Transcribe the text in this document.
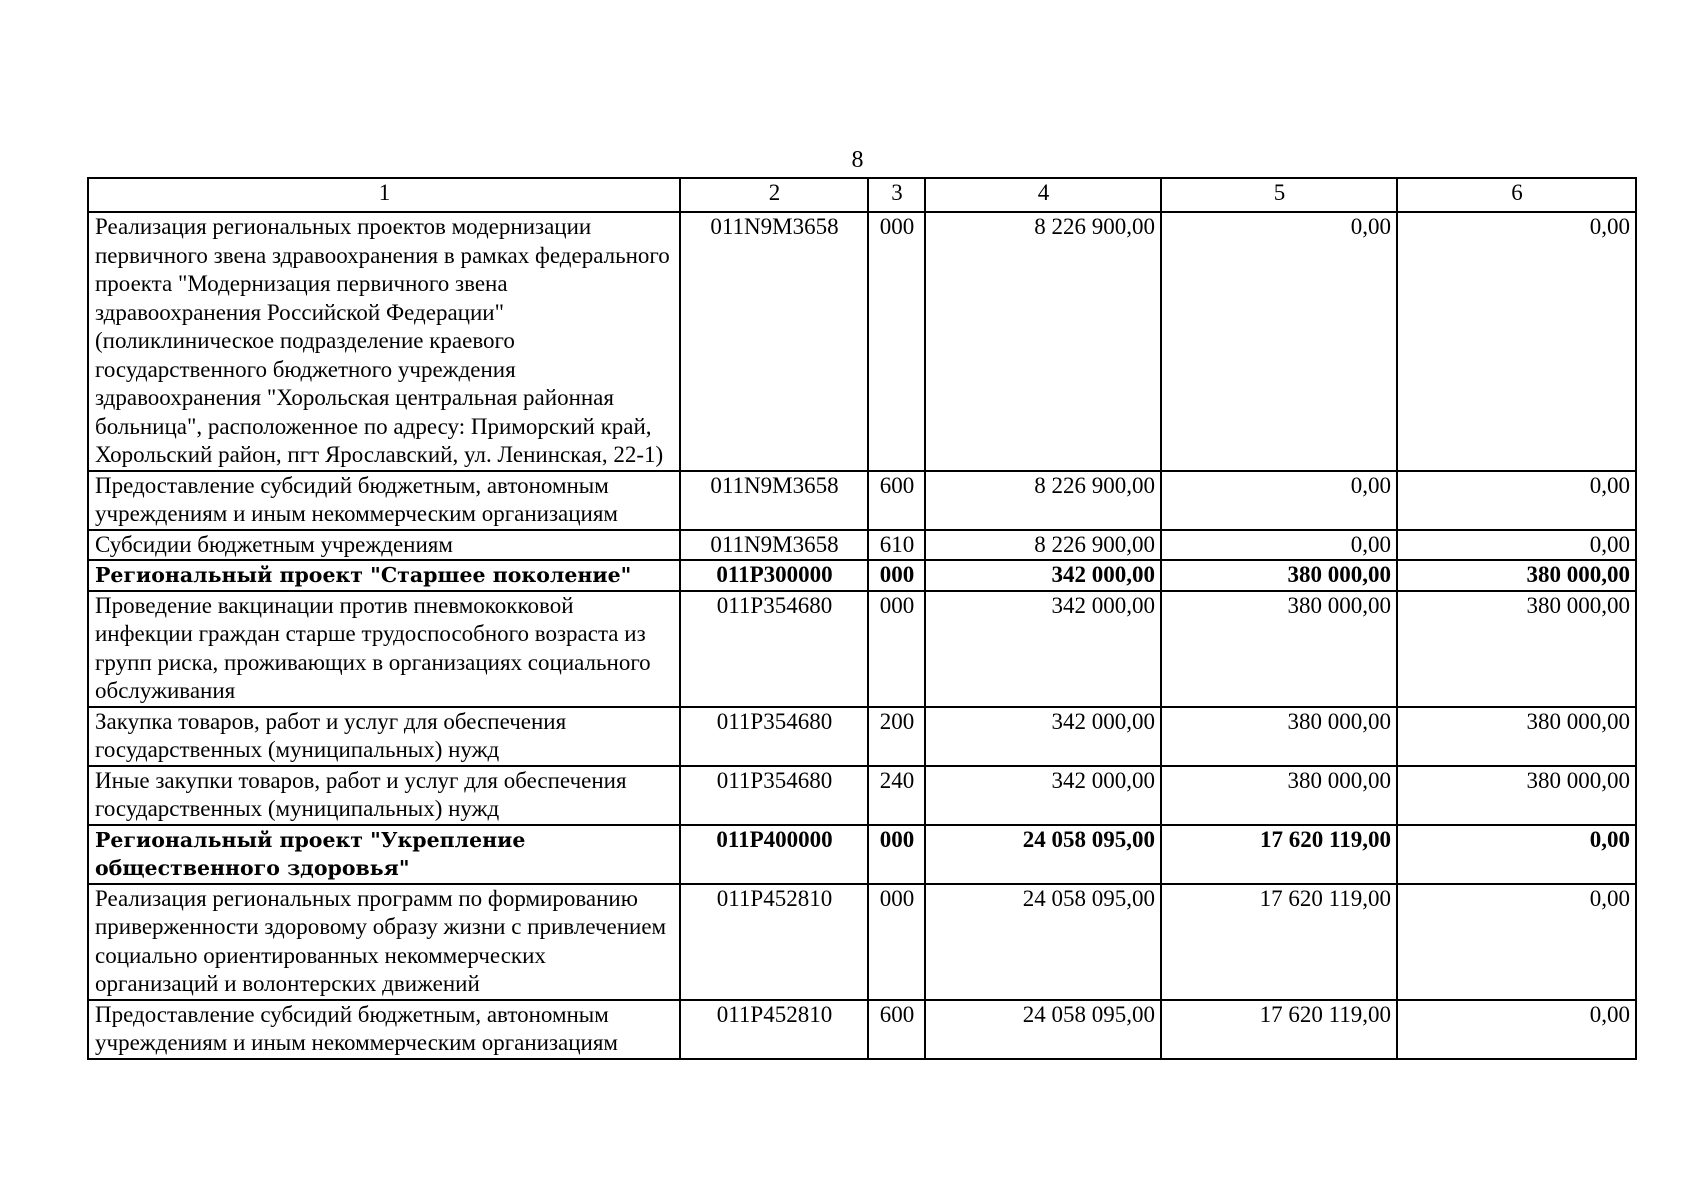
8
1	2	3	4	5	6
Реализация региональных проектов модернизации первичного звена здравоохранения в рамках федерального проекта "Модернизация первичного звена здравоохранения Российской Федерации" (поликлиническое подразделение краевого государственного бюджетного учреждения здравоохранения "Хорольская центральная районная больница", расположенное по адресу: Приморский край, Хорольский район, пгт Ярославский, ул. Ленинская, 22-1)	011N9M3658	000	8 226 900,00	0,00	0,00
Предоставление субсидий бюджетным, автономным учреждениям и иным некоммерческим организациям	011N9M3658	600	8 226 900,00	0,00	0,00
Субсидии бюджетным учреждениям	011N9M3658	610	8 226 900,00	0,00	0,00
Региональный проект "Старшее поколение"	011P300000	000	342 000,00	380 000,00	380 000,00
Проведение вакцинации против пневмококковой инфекции граждан старше трудоспособного возраста из групп риска, проживающих в организациях социального обслуживания	011P354680	000	342 000,00	380 000,00	380 000,00
Закупка товаров, работ и услуг для обеспечения государственных (муниципальных) нужд	011P354680	200	342 000,00	380 000,00	380 000,00
Иные закупки товаров, работ и услуг для обеспечения государственных (муниципальных) нужд	011P354680	240	342 000,00	380 000,00	380 000,00
Региональный проект "Укрепление общественного здоровья"	011P400000	000	24 058 095,00	17 620 119,00	0,00
Реализация региональных программ по формированию приверженности здоровому образу жизни с привлечением социально ориентированных некоммерческих организаций и волонтерских движений	011P452810	000	24 058 095,00	17 620 119,00	0,00
Предоставление субсидий бюджетным, автономным учреждениям и иным некоммерческим организациям	011P452810	600	24 058 095,00	17 620 119,00	0,00
